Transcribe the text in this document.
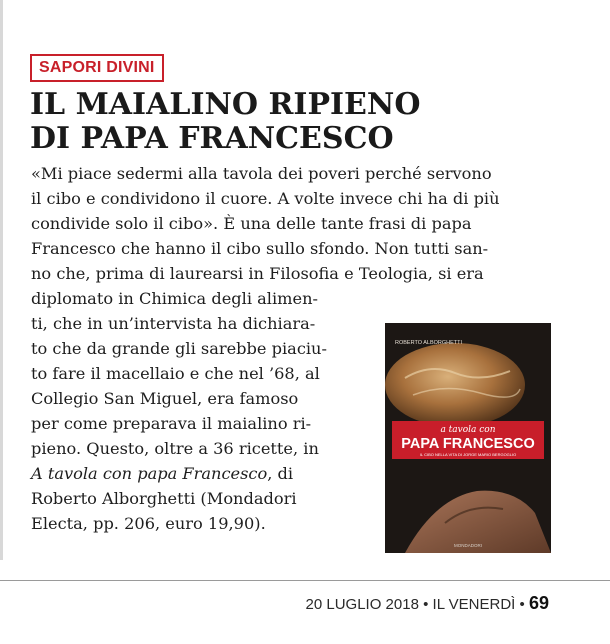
SAPORI DIVINI
IL MAIALINO RIPIENO
DI PAPA FRANCESCO
«Mi piace sedermi alla tavola dei poveri perché servono
il cibo e condividono il cuore. A volte invece chi ha di più
condivide solo il cibo». È una delle tante frasi di papa
Francesco che hanno il cibo sullo sfondo. Non tutti san-
no che, prima di laurearsi in Filosofia e Teologia, si era
diplomato in Chimica degli alimen-
ti, che in un’intervista ha dichiara-
to che da grande gli sarebbe piaciu-
to fare il macellaio e che nel ’68, al
Collegio San Miguel, era famoso
per come preparava il maialino ri-
pieno. Questo, oltre a 36 ricette, in
A tavola con papa Francesco, di
Roberto Alborghetti (Mondadori
Electa, pp. 206, euro 19,90).
ROBERTO ALBORGHETTI
a tavola con
PAPA FRANCESCO
IL CIBO NELLA VITA DI JORGE MARIO BERGOGLIO
MONDADORI
20 LUGLIO 2018 • IL VENERDÌ • 69
